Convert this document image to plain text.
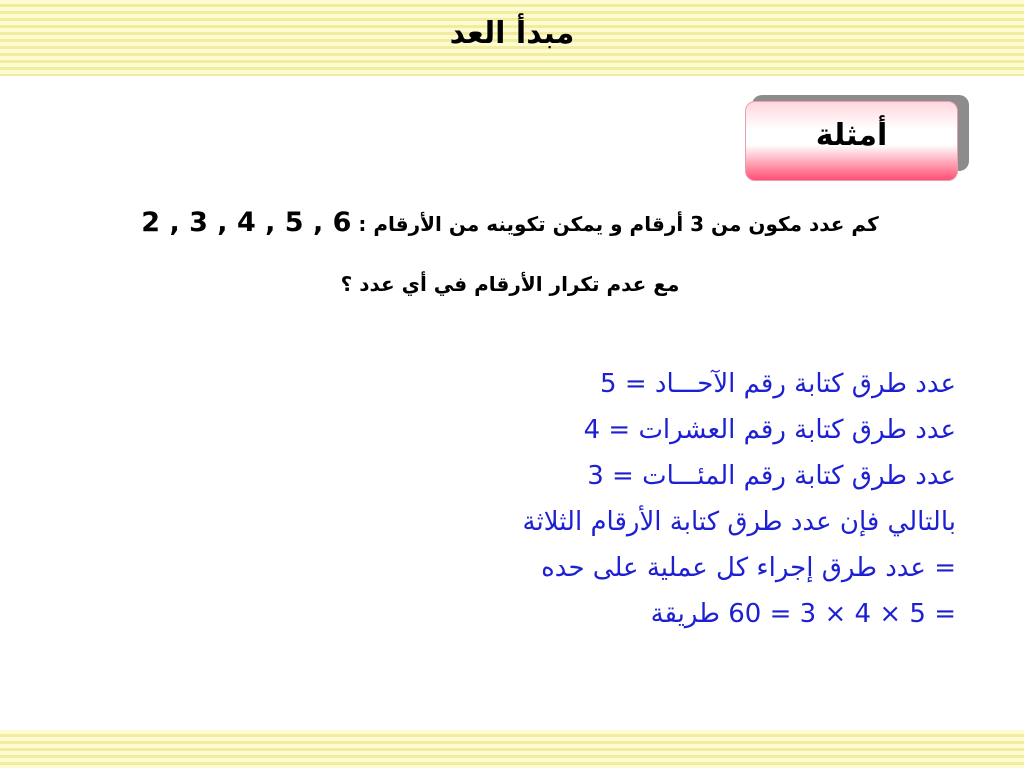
مبدأ العد
أمثلة
كم عدد مكون من 3 أرقام و يمكن تكوينه من الأرقام : 2 , 3 , 4 , 5 , 6
مع عدم تكرار الأرقام في أي عدد ؟
عدد طرق كتابة رقم الآحـــاد = 5
عدد طرق كتابة رقم العشرات = 4
عدد طرق كتابة رقم المئـــات = 3
بالتالي فإن عدد طرق كتابة الأرقام الثلاثة
= عدد طرق إجراء كل عملية على حده
= 5 × 4 × 3 = 60 طريقة
